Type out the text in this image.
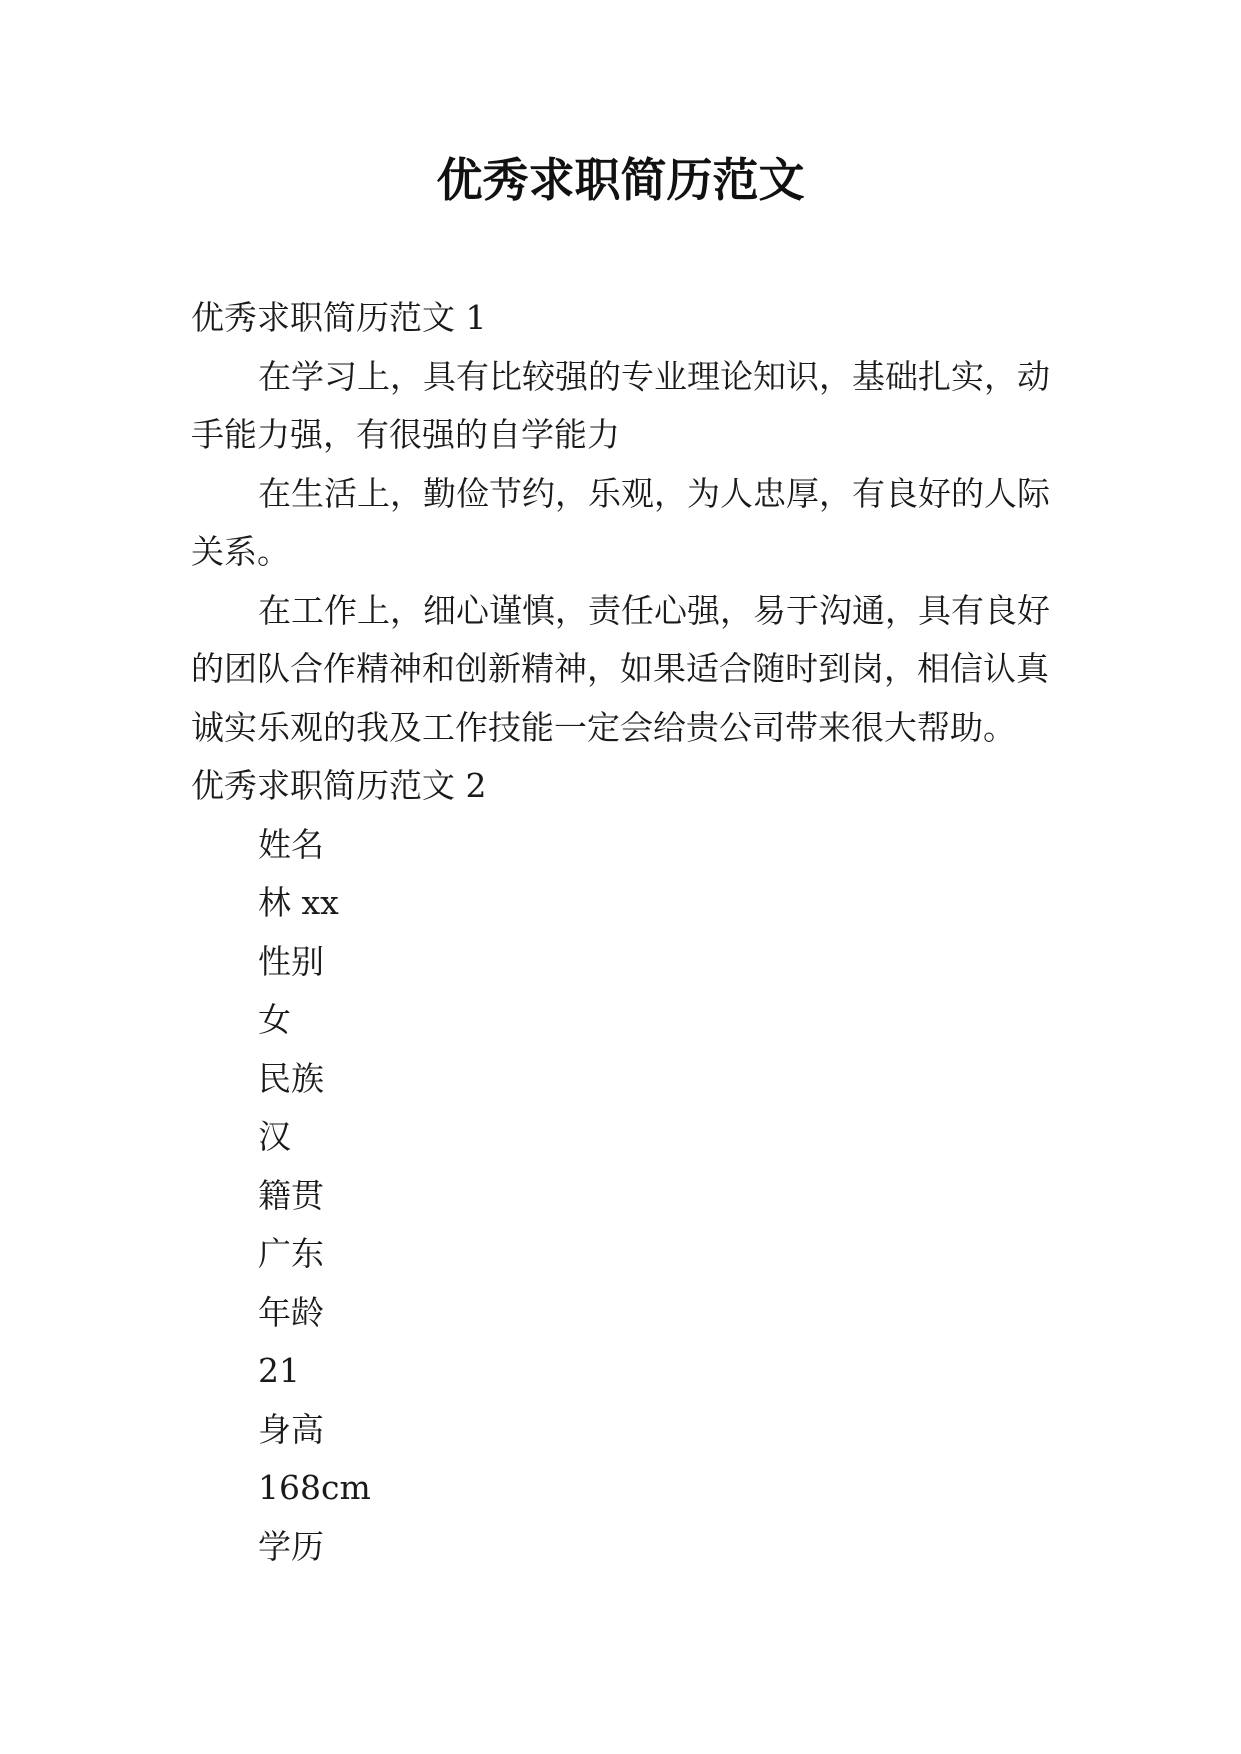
优秀求职简历范文
优秀求职简历范文 1
在学习上，具有比较强的专业理论知识，基础扎实，动
手能力强，有很强的自学能力
在生活上，勤俭节约，乐观，为人忠厚，有良好的人际
关系。
在工作上，细心谨慎，责任心强，易于沟通，具有良好
的团队合作精神和创新精神，如果适合随时到岗，相信认真
诚实乐观的我及工作技能一定会给贵公司带来很大帮助。
优秀求职简历范文 2
姓名
林 xx
性别
女
民族
汉
籍贯
广东
年龄
21
身高
168cm
学历
